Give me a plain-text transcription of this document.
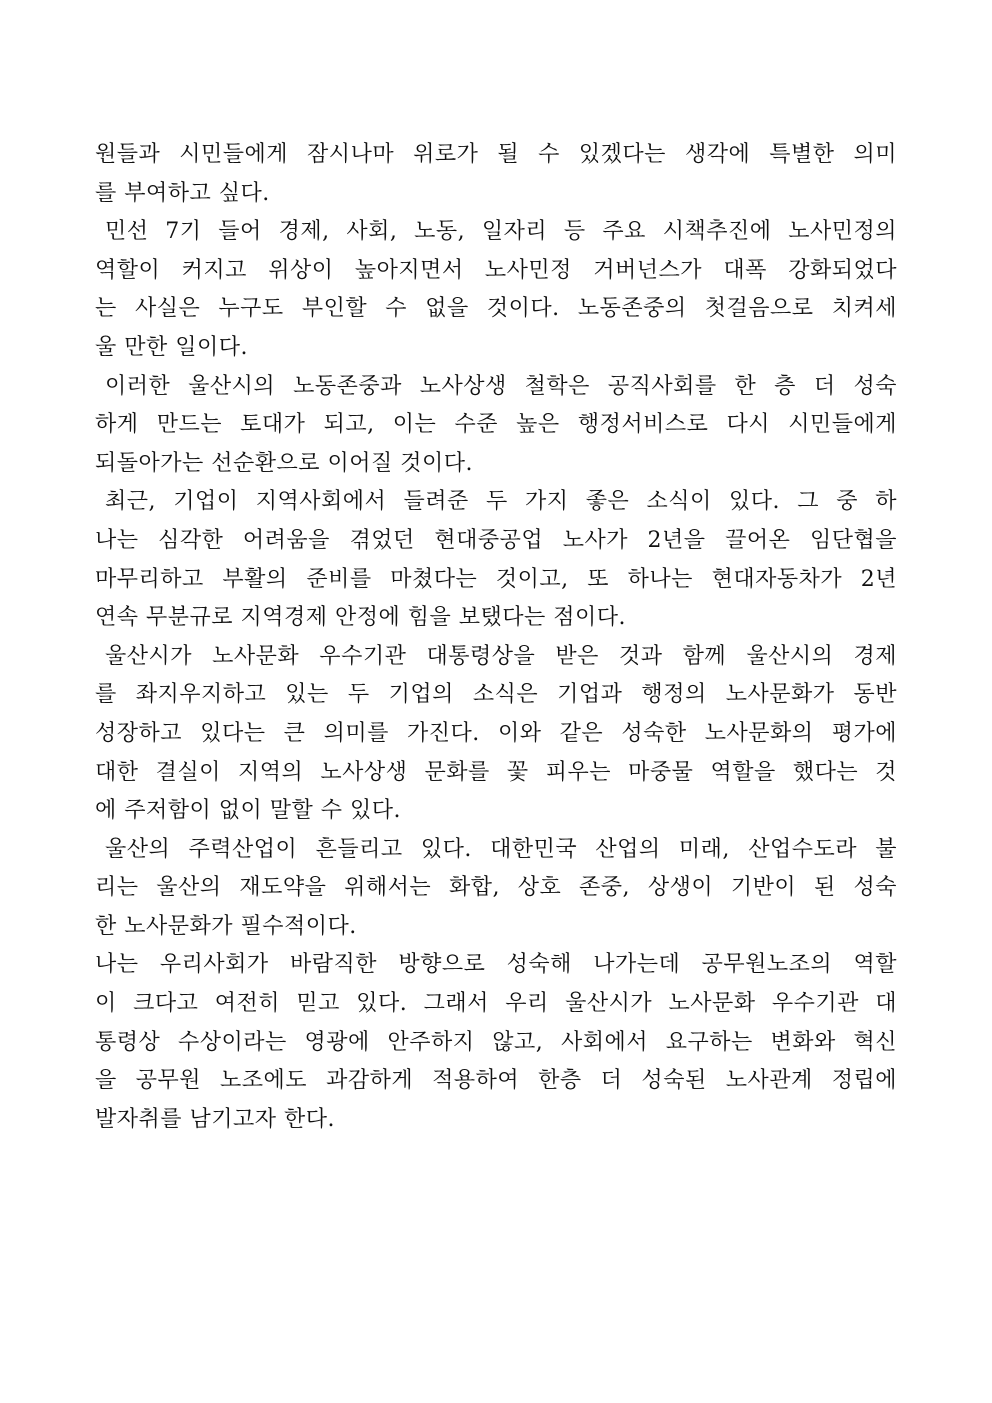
원들과 시민들에게 잠시나마 위로가 될 수 있겠다는 생각에 특별한 의미
를 부여하고 싶다.
민선 7기 들어 경제, 사회, 노동, 일자리 등 주요 시책추진에 노사민정의
역할이 커지고 위상이 높아지면서 노사민정 거버넌스가 대폭 강화되었다
는 사실은 누구도 부인할 수 없을 것이다. 노동존중의 첫걸음으로 치켜세
울 만한 일이다.
이러한 울산시의 노동존중과 노사상생 철학은 공직사회를 한 층 더 성숙
하게 만드는 토대가 되고, 이는 수준 높은 행정서비스로 다시 시민들에게
되돌아가는 선순환으로 이어질 것이다.
최근, 기업이 지역사회에서 들려준 두 가지 좋은 소식이 있다. 그 중 하
나는 심각한 어려움을 겪었던 현대중공업 노사가 2년을 끌어온 임단협을
마무리하고 부활의 준비를 마쳤다는 것이고, 또 하나는 현대자동차가 2년
연속 무분규로 지역경제 안정에 힘을 보탰다는 점이다.
울산시가 노사문화 우수기관 대통령상을 받은 것과 함께 울산시의 경제
를 좌지우지하고 있는 두 기업의 소식은 기업과 행정의 노사문화가 동반
성장하고 있다는 큰 의미를 가진다. 이와 같은 성숙한 노사문화의 평가에
대한 결실이 지역의 노사상생 문화를 꽃 피우는 마중물 역할을 했다는 것
에 주저함이 없이 말할 수 있다.
울산의 주력산업이 흔들리고 있다. 대한민국 산업의 미래, 산업수도라 불
리는 울산의 재도약을 위해서는 화합, 상호 존중, 상생이 기반이 된 성숙
한 노사문화가 필수적이다.
나는 우리사회가 바람직한 방향으로 성숙해 나가는데 공무원노조의 역할
이 크다고 여전히 믿고 있다. 그래서 우리 울산시가 노사문화 우수기관 대
통령상 수상이라는 영광에 안주하지 않고, 사회에서 요구하는 변화와 혁신
을 공무원 노조에도 과감하게 적용하여 한층 더 성숙된 노사관계 정립에
발자취를 남기고자 한다.
